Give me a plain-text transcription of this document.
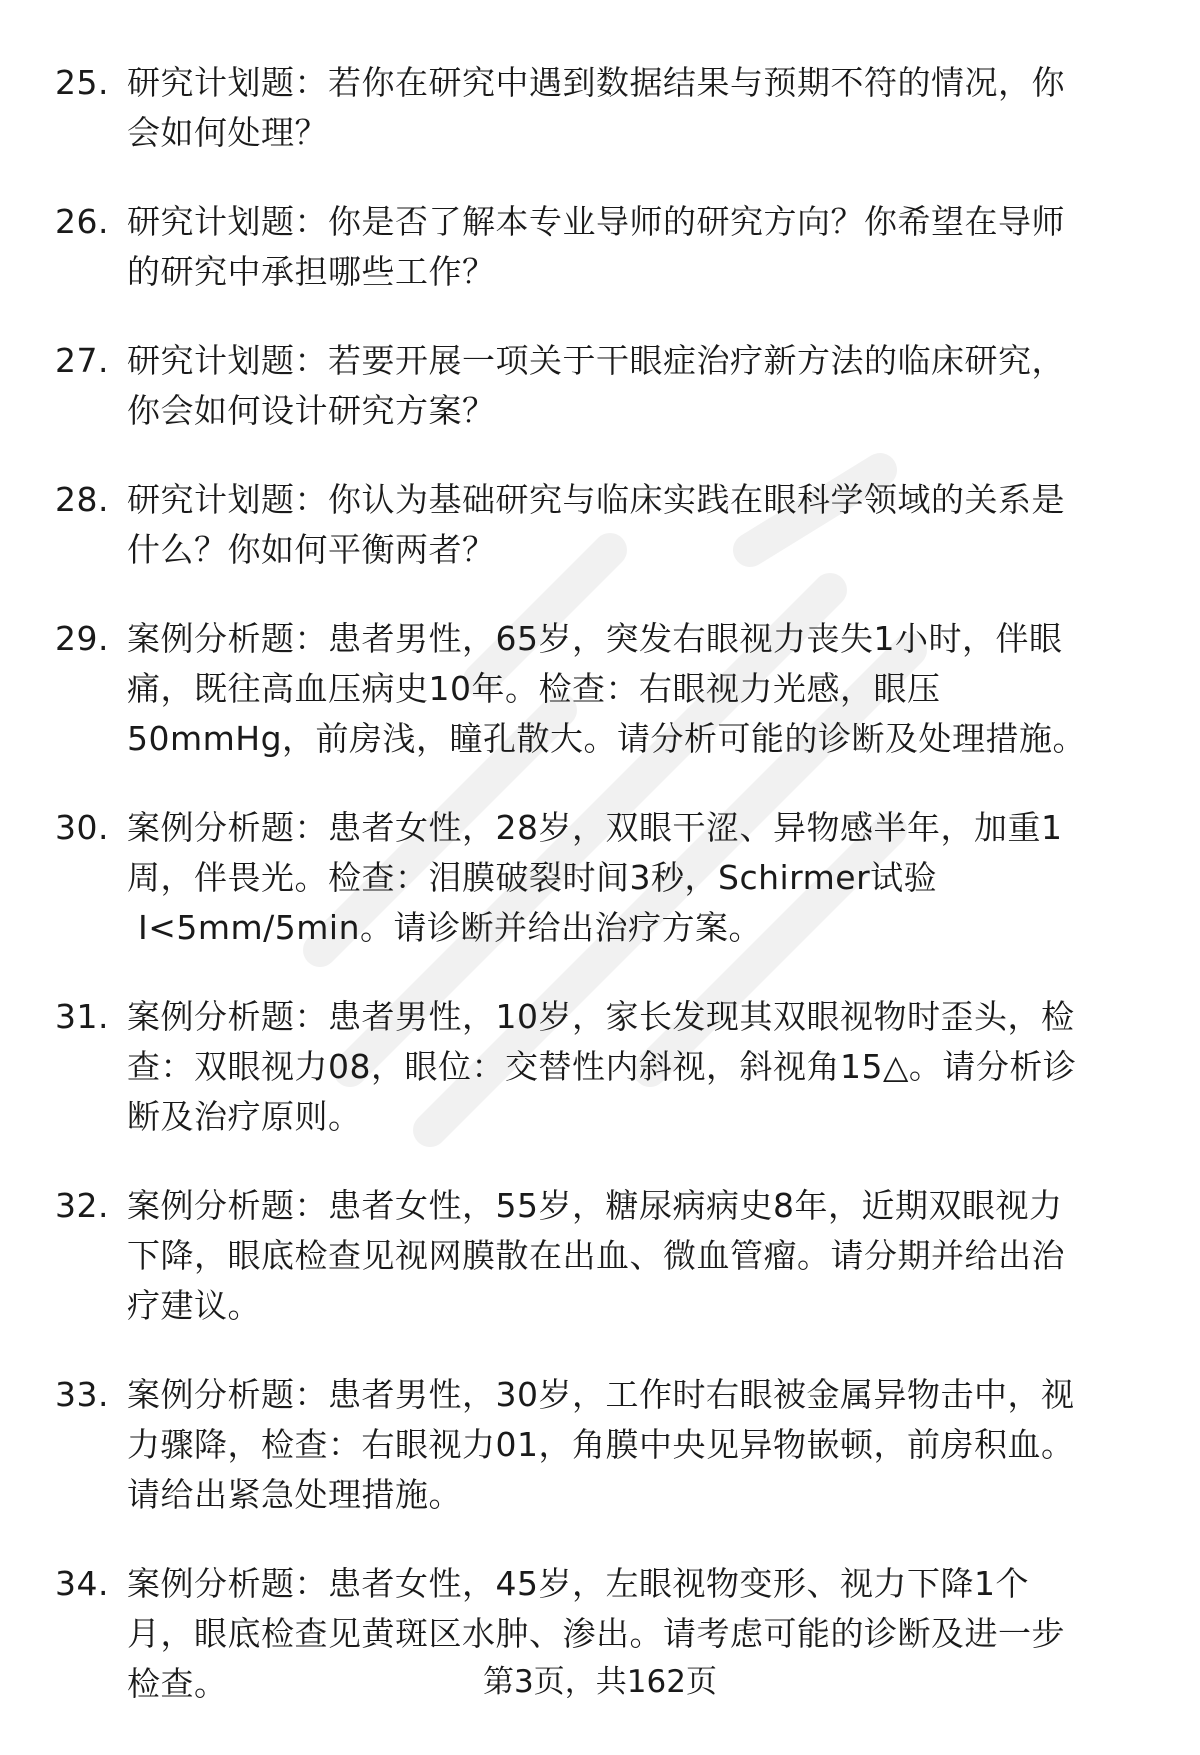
25. 研究计划题：若你在研究中遇到数据结果与预期不符的情况，你
会如何处理？
26. 研究计划题：你是否了解本专业导师的研究方向？你希望在导师
的研究中承担哪些工作？
27. 研究计划题：若要开展一项关于干眼症治疗新方法的临床研究，
你会如何设计研究方案？
28. 研究计划题：你认为基础研究与临床实践在眼科学领域的关系是
什么？你如何平衡两者？
29. 案例分析题：患者男性，65岁，突发右眼视力丧失1小时，伴眼
痛，既往高血压病史10年。检查：右眼视力光感，眼压
50mmHg，前房浅，瞳孔散大。请分析可能的诊断及处理措施。
30. 案例分析题：患者女性，28岁，双眼干涩、异物感半年，加重1
周，伴畏光。检查：泪膜破裂时间3秒，Schirmer试验
Ⅰ<5mm/5min。请诊断并给出治疗方案。
31. 案例分析题：患者男性，10岁，家长发现其双眼视物时歪头，检
查：双眼视力08，眼位：交替性内斜视，斜视角15△。请分析诊
断及治疗原则。
32. 案例分析题：患者女性，55岁，糖尿病病史8年，近期双眼视力
下降，眼底检查见视网膜散在出血、微血管瘤。请分期并给出治
疗建议。
33. 案例分析题：患者男性，30岁，工作时右眼被金属异物击中，视
力骤降，检查：右眼视力01，角膜中央见异物嵌顿，前房积血。
请给出紧急处理措施。
34. 案例分析题：患者女性，45岁，左眼视物变形、视力下降1个
月，眼底检查见黄斑区水肿、渗出。请考虑可能的诊断及进一步
检查。	第3页，共162页
